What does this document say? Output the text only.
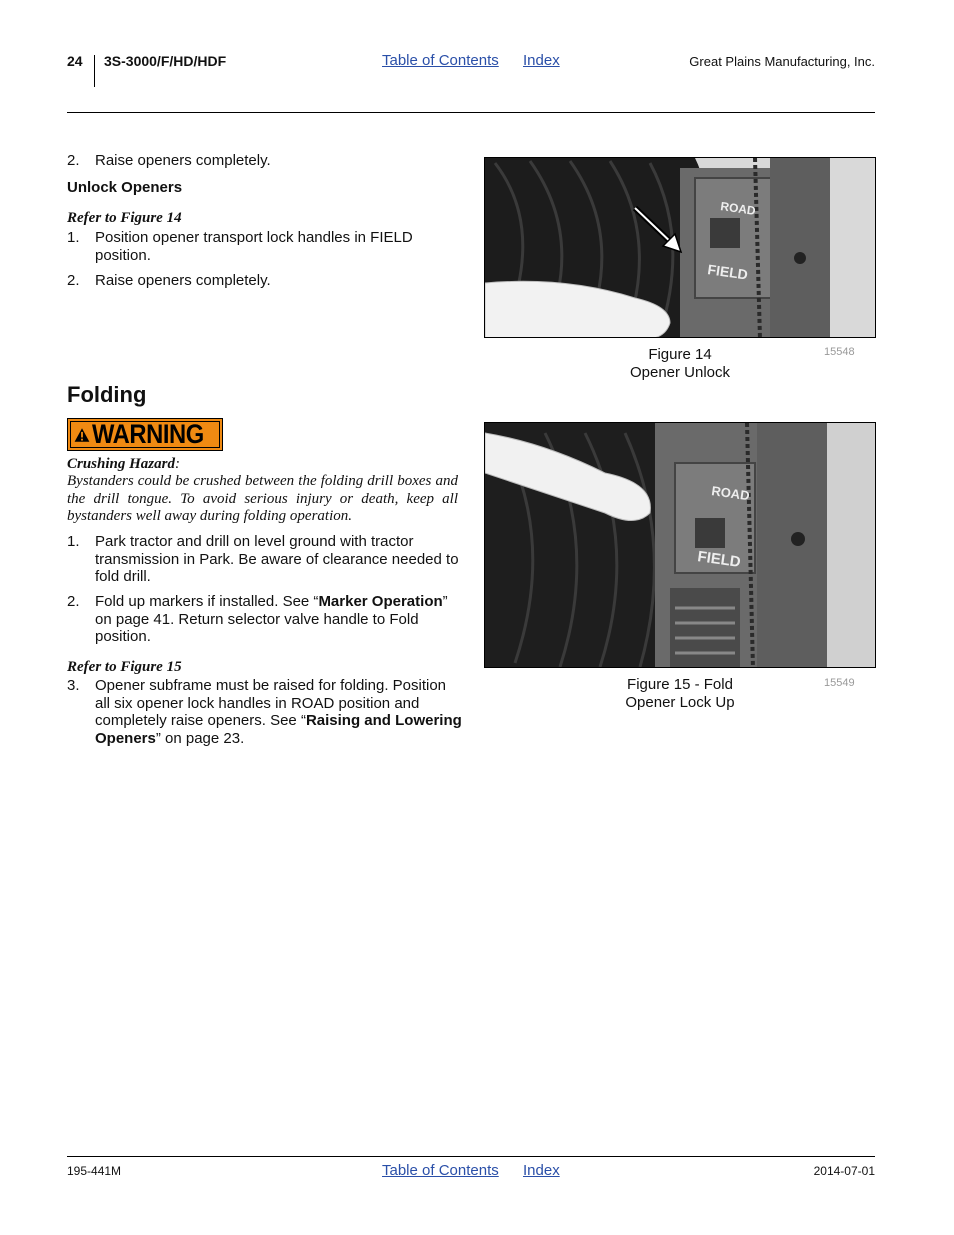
24 3S-3000/F/HD/HDF	Table of Contents Index	Great Plains Manufacturing, Inc.
2. Raise openers completely.
Unlock Openers
Refer to Figure 14
1. Position opener transport lock handles in FIELD position.
2. Raise openers completely.
Folding
WARNING
Crushing Hazard:
Bystanders could be crushed between the folding drill boxes and the drill tongue. To avoid serious injury or death, keep all bystanders well away during folding operation.
1. Park tractor and drill on level ground with tractor transmission in Park. Be aware of clearance needed to fold drill.
2. Fold up markers if installed. See “Marker Operation” on page 41. Return selector valve handle to Fold position.
Refer to Figure 15
3. Opener subframe must be raised for folding. Position all six opener lock handles in ROAD position and completely raise openers. See “Raising and Lowering Openers” on page 23.
ROAD
FIELD
Figure 14
Opener Unlock
15548
ROAD
FIELD
Figure 15 - Fold
Opener Lock Up
15549
195-441M	Table of Contents Index	2014-07-01
